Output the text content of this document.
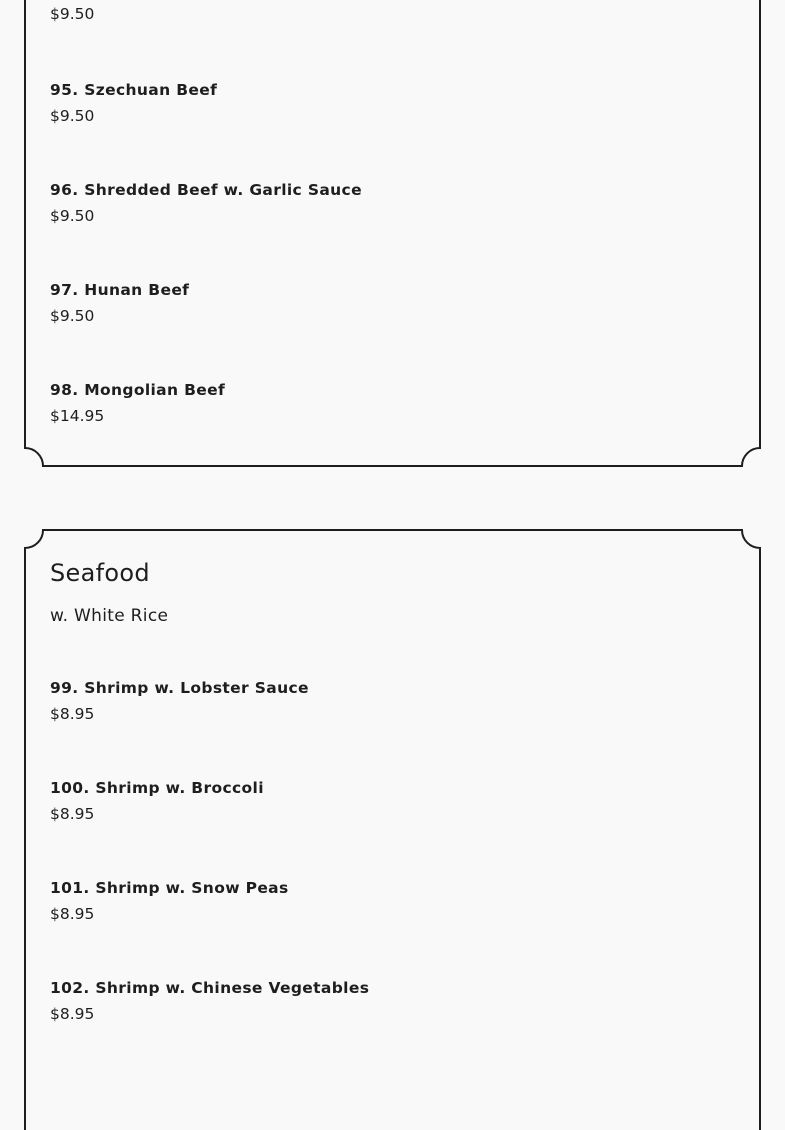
$9.50
95. Szechuan Beef
$9.50
96. Shredded Beef w. Garlic Sauce
$9.50
97. Hunan Beef
$9.50
98. Mongolian Beef
$14.95
Seafood
w. White Rice
99. Shrimp w. Lobster Sauce
$8.95
100. Shrimp w. Broccoli
$8.95
101. Shrimp w. Snow Peas
$8.95
102. Shrimp w. Chinese Vegetables
$8.95
